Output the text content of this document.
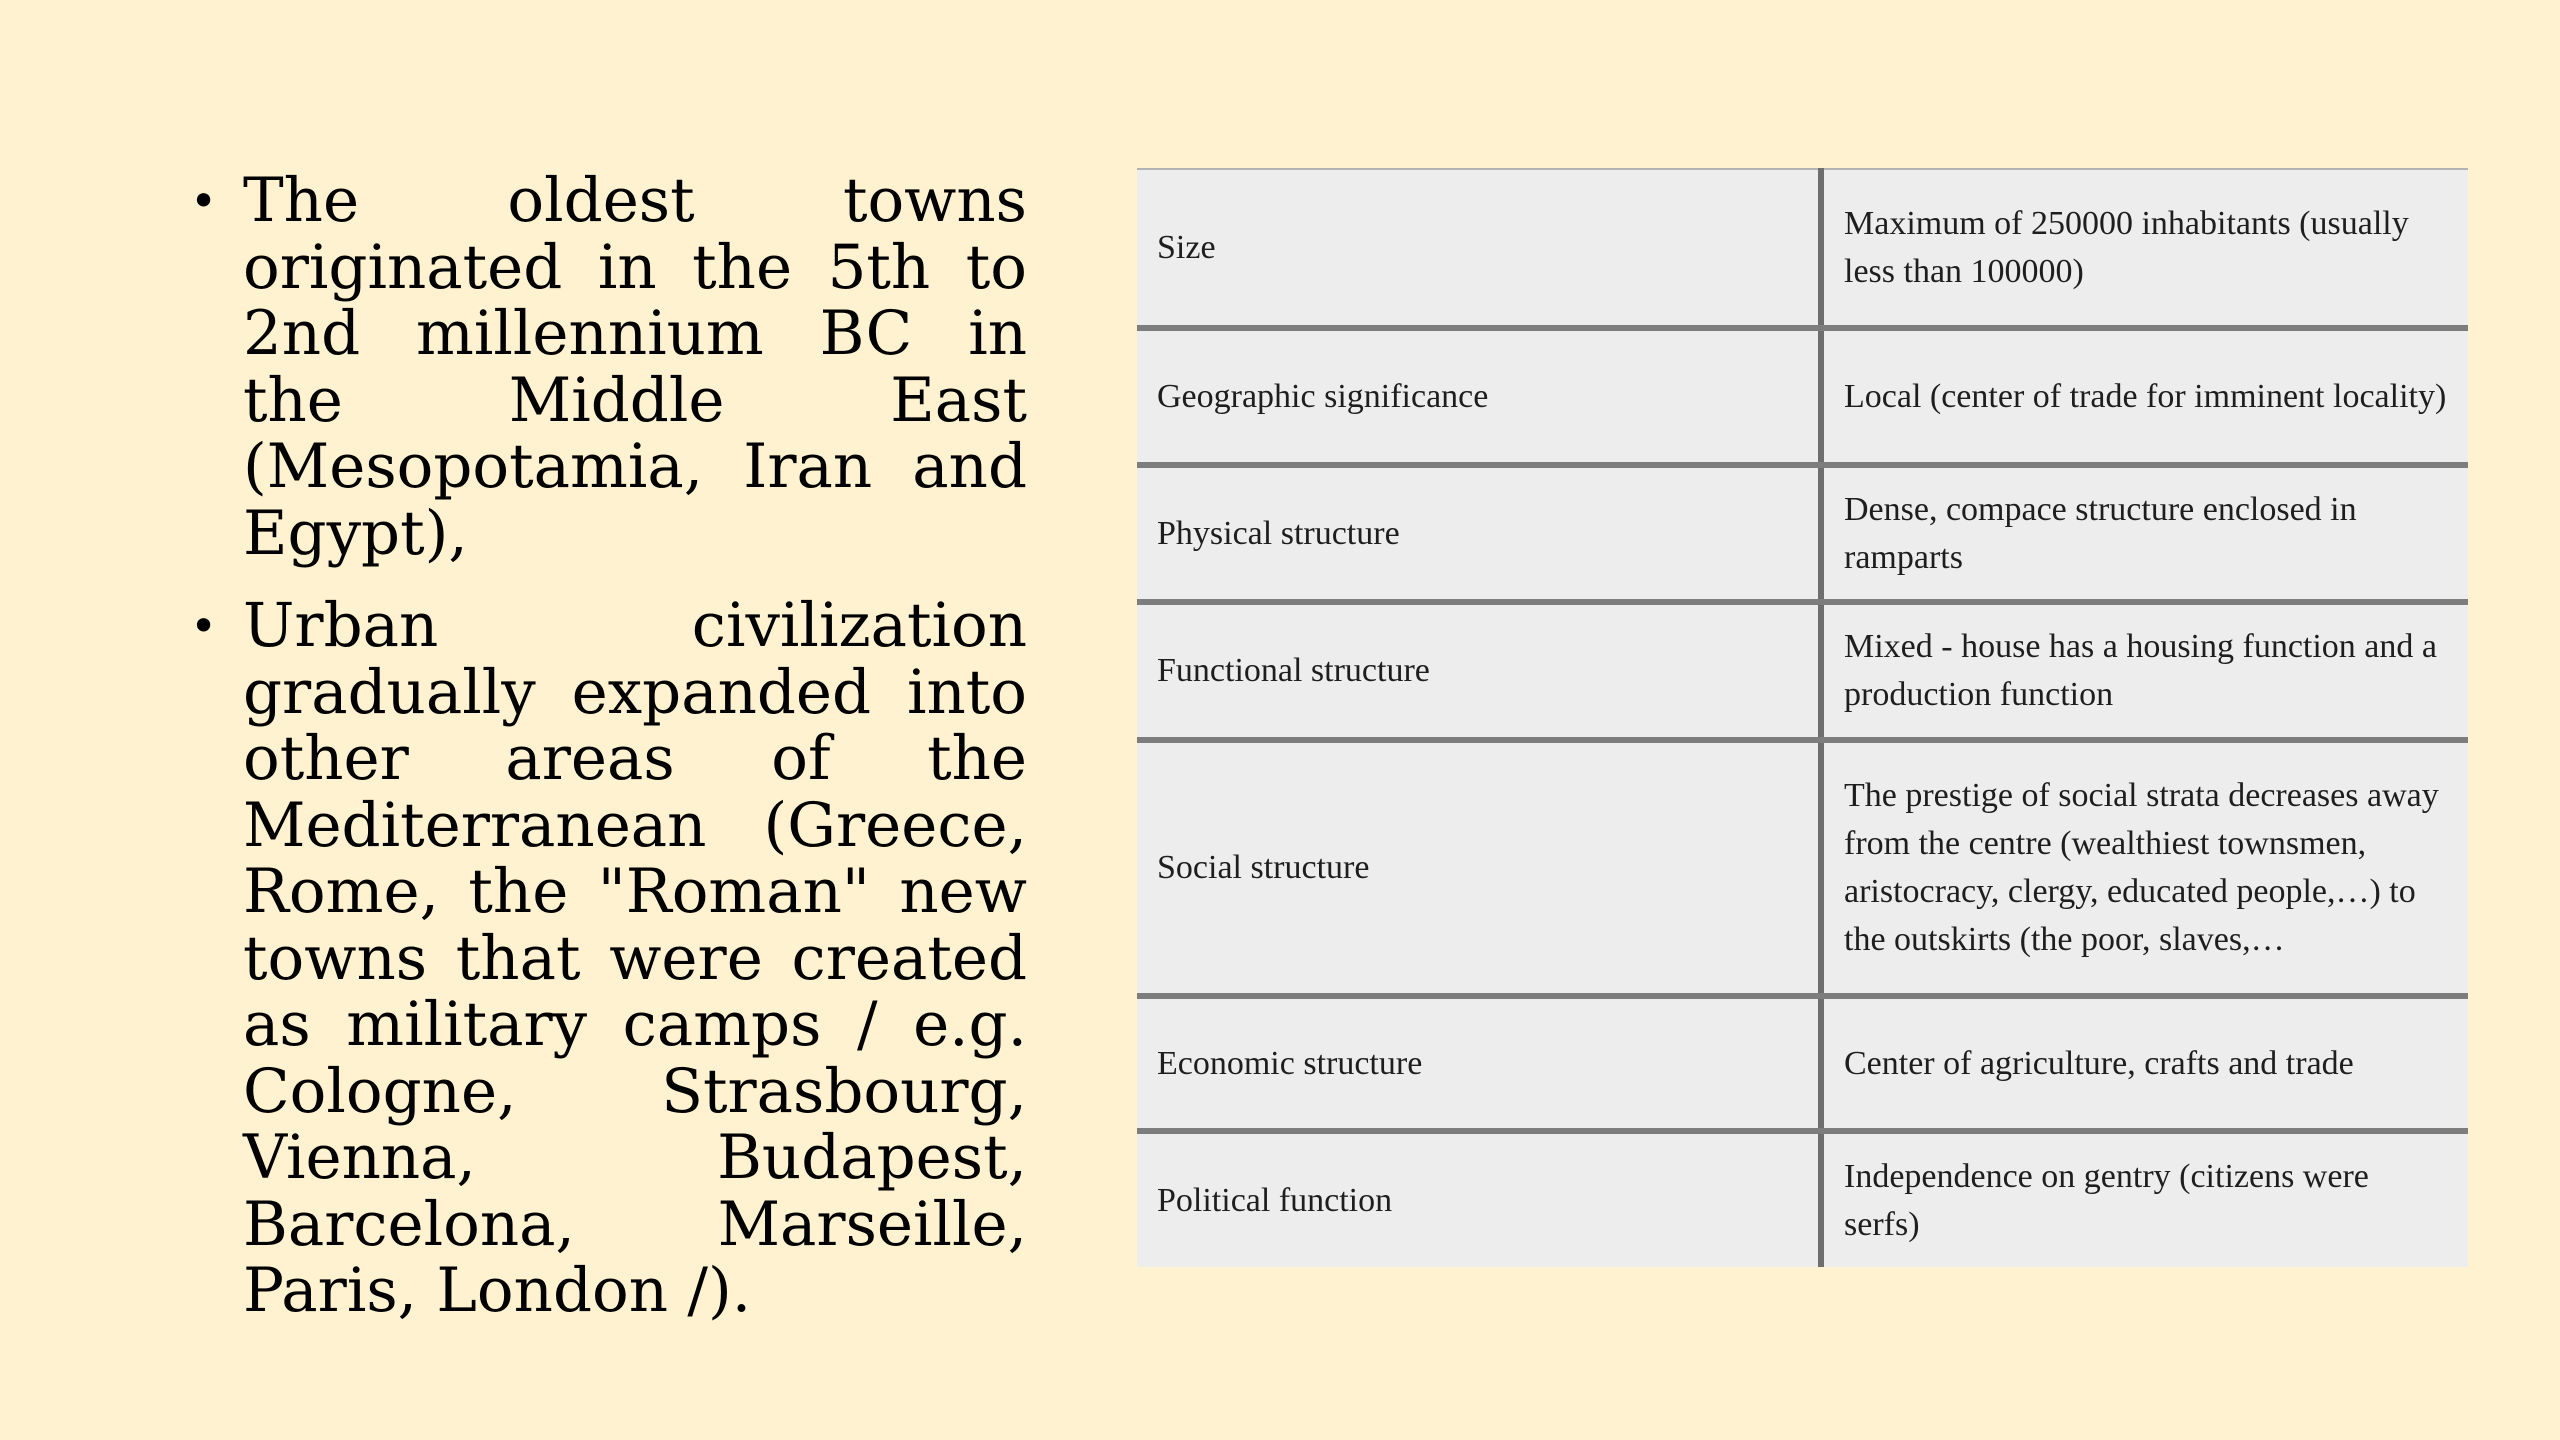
• The oldest towns originated in the 5th to 2nd millennium BC in the Middle East (Mesopotamia, Iran and Egypt),
• Urban civilization gradually expanded into other areas of the Mediterranean (Greece, Rome, the "Roman" new towns that were created as military camps / e.g. Cologne, Strasbourg, Vienna, Budapest, Barcelona, Marseille, Paris, London /).
Size	Maximum of 250000 inhabitants (usually less than 100000)
Geographic significance	Local (center of trade for imminent locality)
Physical structure	Dense, compace structure enclosed in ramparts
Functional structure	Mixed - house has a housing function and a production function
Social structure	The prestige of social strata decreases away from the centre (wealthiest townsmen, aristocracy, clergy, educated people,…) to the outskirts (the poor, slaves,…
Economic structure	Center of agriculture, crafts and trade
Political function	Independence on gentry (citizens were serfs)
